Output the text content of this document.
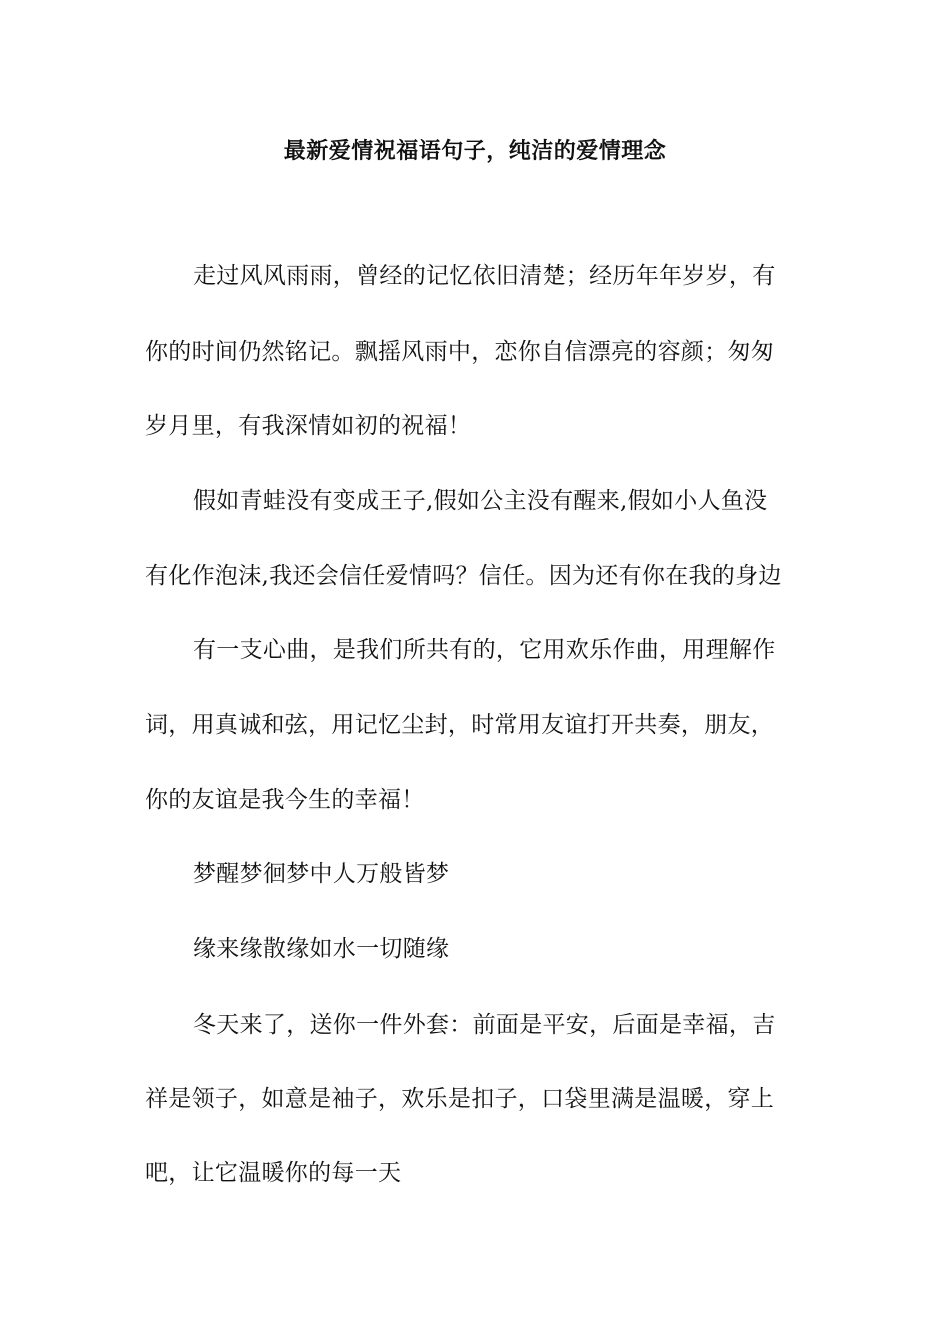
最新爱情祝福语句子，纯洁的爱情理念
走过风风雨雨，曾经的记忆依旧清楚；经历年年岁岁，有
你的时间仍然铭记。飘摇风雨中，恋你自信漂亮的容颜；匆匆
岁月里，有我深情如初的祝福！
假如青蛙没有变成王子,假如公主没有醒来,假如小人鱼没
有化作泡沫,我还会信任爱情吗？信任。因为还有你在我的身边
有一支心曲，是我们所共有的，它用欢乐作曲，用理解作
词，用真诚和弦，用记忆尘封，时常用友谊打开共奏，朋友，
你的友谊是我今生的幸福！
梦醒梦徊梦中人万般皆梦
缘来缘散缘如水一切随缘
冬天来了，送你一件外套：前面是平安，后面是幸福，吉
祥是领子，如意是袖子，欢乐是扣子，口袋里满是温暖，穿上
吧，让它温暖你的每一天
